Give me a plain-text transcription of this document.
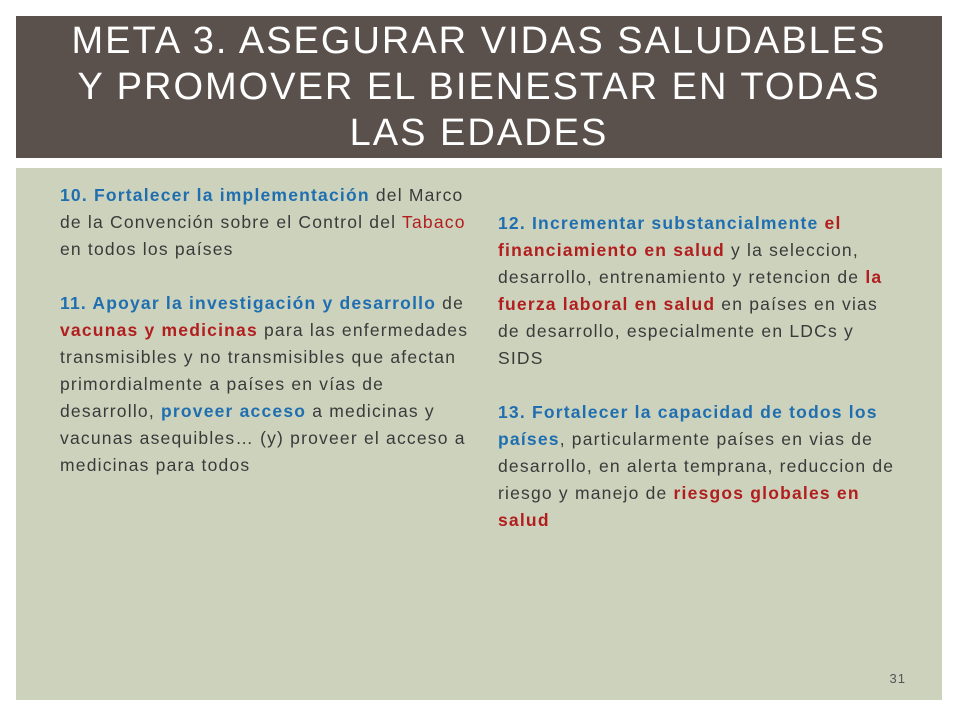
META 3. ASEGURAR VIDAS SALUDABLES Y PROMOVER EL BIENESTAR EN TODAS LAS EDADES

10. Fortalecer la implementación del Marco de la Convención sobre el Control del Tabaco en todos los países

11. Apoyar la investigación y desarrollo de vacunas y medicinas para las enfermedades transmisibles y no transmisibles que afectan primordialmente a países en vías de desarrollo, proveer acceso a medicinas y vacunas asequibles… (y) proveer el acceso a medicinas para todos

12. Incrementar substancialmente el financiamiento en salud y la seleccion, desarrollo, entrenamiento y retencion de la fuerza laboral en salud en países en vias de desarrollo, especialmente en LDCs y SIDS

13. Fortalecer la capacidad de todos los países, particularmente países en vias de desarrollo, en alerta temprana, reduccion de riesgo y manejo de riesgos globales en salud

31
